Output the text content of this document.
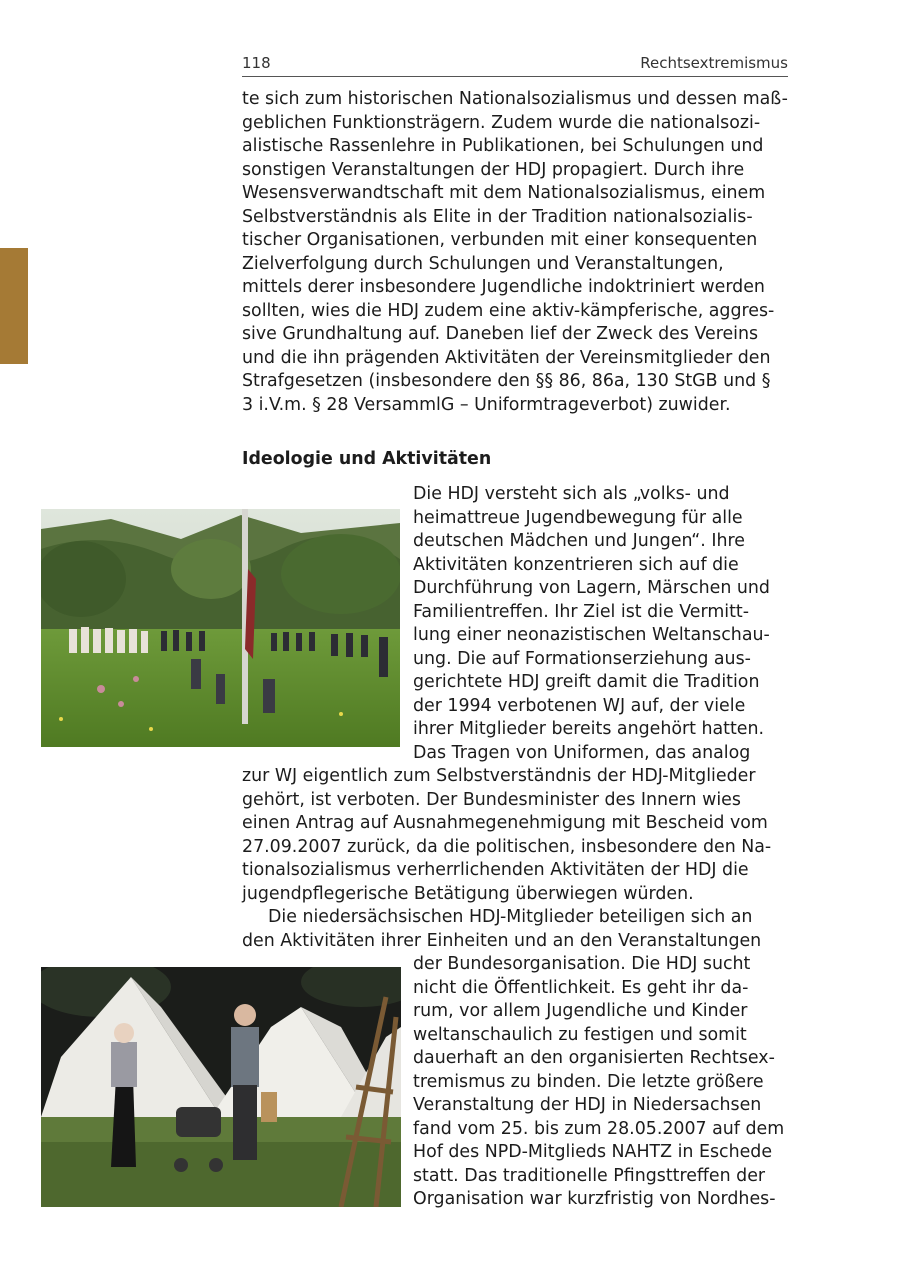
118	Rechtsextremismus
te sich zum historischen Nationalsozialismus und dessen maß-
geblichen Funktionsträgern. Zudem wurde die nationalsozi-
alistische Rassenlehre in Publikationen, bei Schulungen und
sonstigen Veranstaltungen der HDJ propagiert. Durch ihre
Wesensverwandtschaft mit dem Nationalsozialismus, einem
Selbstverständnis als Elite in der Tradition nationalsozialis-
tischer Organisationen, verbunden mit einer konsequenten
Zielverfolgung durch Schulungen und Veranstaltungen,
mittels derer insbesondere Jugendliche indoktriniert werden
sollten, wies die HDJ zudem eine aktiv-kämpferische, aggres-
sive Grundhaltung auf. Daneben lief der Zweck des Vereins
und die ihn prägenden Aktivitäten der Vereinsmitglieder den
Strafgesetzen (insbesondere den §§ 86, 86a, 130 StGB und §
3 i.V.m. § 28 VersammlG – Uniformtrageverbot) zuwider.
Ideologie und Aktivitäten
Die HDJ versteht sich als „volks- und
heimattreue Jugendbewegung für alle
deutschen Mädchen und Jungen“. Ihre
Aktivitäten konzentrieren sich auf die
Durchführung von Lagern, Märschen und
Familientreffen. Ihr Ziel ist die Vermitt-
lung einer neonazistischen Weltanschau-
ung. Die auf Formationserziehung aus-
gerichtete HDJ greift damit die Tradition
der 1994 verbotenen WJ auf, der viele
ihrer Mitglieder bereits angehört hatten.
Das Tragen von Uniformen, das analog
zur WJ eigentlich zum Selbstverständnis der HDJ-Mitglieder
gehört, ist verboten. Der Bundesminister des Innern wies
einen Antrag auf Ausnahmegenehmigung mit Bescheid vom
27.09.2007 zurück, da die politischen, insbesondere den Na-
tionalsozialismus verherrlichenden Aktivitäten der HDJ die
jugendpflegerische Betätigung überwiegen würden.
Die niedersächsischen HDJ-Mitglieder beteiligen sich an
den Aktivitäten ihrer Einheiten und an den Veranstaltungen
der Bundesorganisation. Die HDJ sucht
nicht die Öffentlichkeit. Es geht ihr da-
rum, vor allem Jugendliche und Kinder
weltanschaulich zu festigen und somit
dauerhaft an den organisierten Rechtsex-
tremismus zu binden. Die letzte größere
Veranstaltung der HDJ in Niedersachsen
fand vom 25. bis zum 28.05.2007 auf dem
Hof des NPD-Mitglieds NAHTZ in Eschede
statt. Das traditionelle Pfingsttreffen der
Organisation war kurzfristig von Nordhes-
